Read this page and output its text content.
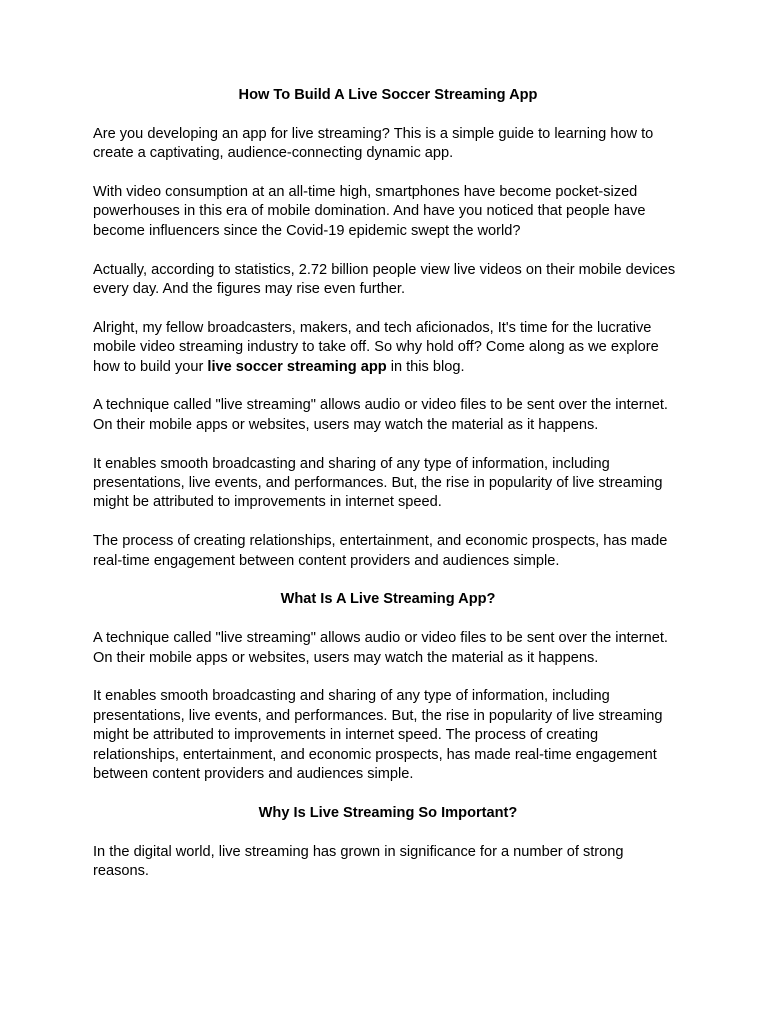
How To Build A Live Soccer Streaming App

Are you developing an app for live streaming? This is a simple guide to learning how to create a captivating, audience-connecting dynamic app.

With video consumption at an all-time high, smartphones have become pocket-sized powerhouses in this era of mobile domination. And have you noticed that people have become influencers since the Covid-19 epidemic swept the world?

Actually, according to statistics, 2.72 billion people view live videos on their mobile devices every day. And the figures may rise even further.

Alright, my fellow broadcasters, makers, and tech aficionados, It's time for the lucrative mobile video streaming industry to take off. So why hold off? Come along as we explore how to build your live soccer streaming app in this blog.

A technique called "live streaming" allows audio or video files to be sent over the internet. On their mobile apps or websites, users may watch the material as it happens.

It enables smooth broadcasting and sharing of any type of information, including presentations, live events, and performances. But, the rise in popularity of live streaming might be attributed to improvements in internet speed.

The process of creating relationships, entertainment, and economic prospects, has made real-time engagement between content providers and audiences simple.

What Is A Live Streaming App?

A technique called "live streaming" allows audio or video files to be sent over the internet. On their mobile apps or websites, users may watch the material as it happens.

It enables smooth broadcasting and sharing of any type of information, including presentations, live events, and performances. But, the rise in popularity of live streaming might be attributed to improvements in internet speed. The process of creating relationships, entertainment, and economic prospects, has made real-time engagement between content providers and audiences simple.

Why Is Live Streaming So Important?

In the digital world, live streaming has grown in significance for a number of strong reasons.
